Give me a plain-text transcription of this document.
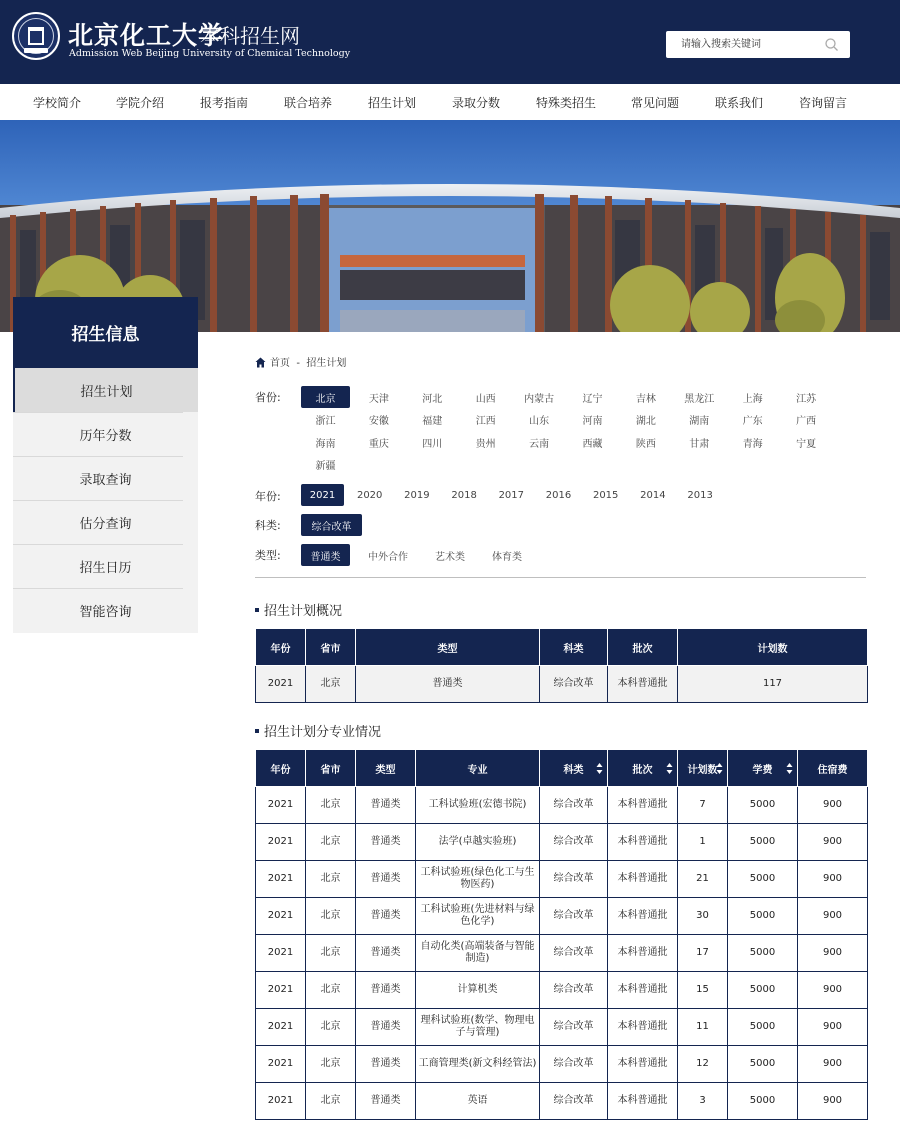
北京化工大学
本科招生网
Admission Web Beijing University of Chemical Technology
请输入搜索关键词
学校简介	学院介绍	报考指南	联合培养	招生计划	录取分数	特殊类招生	常见问题	联系我们	咨询留言
招生信息
招生计划
历年分数
录取查询
估分查询
招生日历
智能咨询
首页 - 招生计划
省份:	北京	天津	河北	山西	内蒙古	辽宁	吉林	黑龙江	上海	江苏
浙江	安徽	福建	江西	山东	河南	湖北	湖南	广东	广西
海南	重庆	四川	贵州	云南	西藏	陕西	甘肃	青海	宁夏
新疆
年份:	2021	2020	2019	2018	2017	2016	2015	2014	2013
科类:	综合改革
类型:	普通类	中外合作	艺术类	体育类
招生计划概况
年份	省市	类型	科类	批次	计划数
2021	北京	普通类	综合改革	本科普通批	117
招生计划分专业情况
年份	省市	类型	专业	科类	批次	计划数	学费	住宿费
2021	北京	普通类	工科试验班(宏德书院)	综合改革	本科普通批	7	5000	900
2021	北京	普通类	法学(卓越实验班)	综合改革	本科普通批	1	5000	900
2021	北京	普通类	工科试验班(绿色化工与生物医药)	综合改革	本科普通批	21	5000	900
2021	北京	普通类	工科试验班(先进材料与绿色化学)	综合改革	本科普通批	30	5000	900
2021	北京	普通类	自动化类(高端装备与智能制造)	综合改革	本科普通批	17	5000	900
2021	北京	普通类	计算机类	综合改革	本科普通批	15	5000	900
2021	北京	普通类	理科试验班(数学、物理电子与管理)	综合改革	本科普通批	11	5000	900
2021	北京	普通类	工商管理类(新文科经管法)	综合改革	本科普通批	12	5000	900
2021	北京	普通类	英语	综合改革	本科普通批	3	5000	900
